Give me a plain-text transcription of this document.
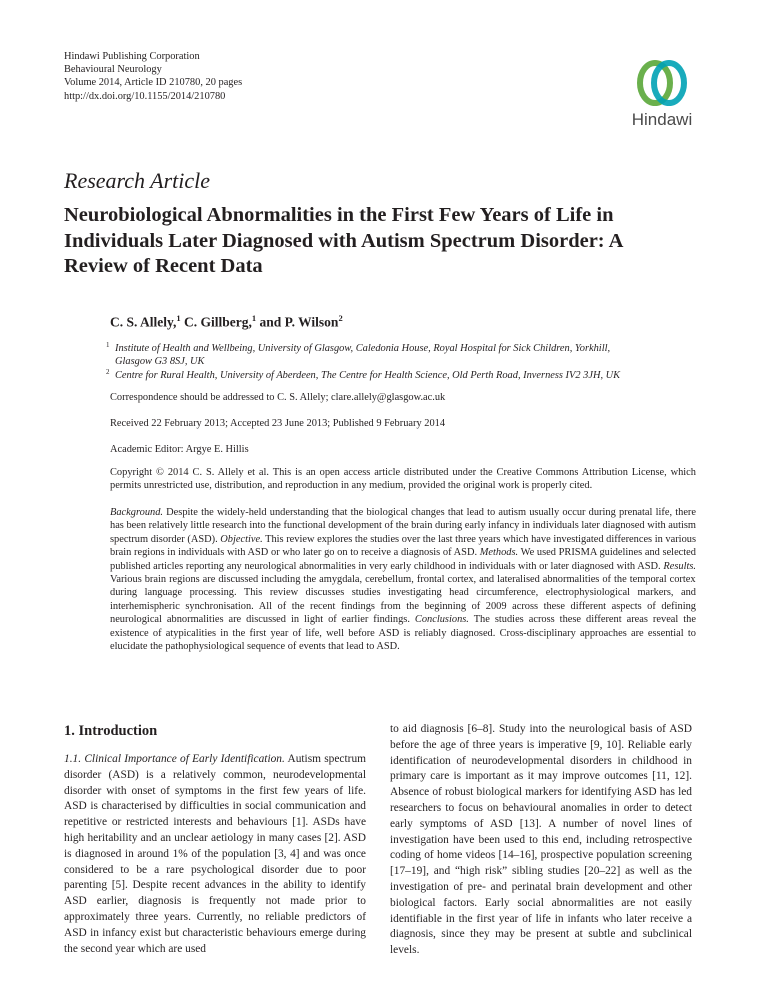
Hindawi Publishing Corporation
Behavioural Neurology
Volume 2014, Article ID 210780, 20 pages
http://dx.doi.org/10.1155/2014/210780
Hindawi
Research Article
Neurobiological Abnormalities in the First Few Years of Life in Individuals Later Diagnosed with Autism Spectrum Disorder: A Review of Recent Data
C. S. Allely,$^1$ C. Gillberg,$^1$ and P. Wilson$^2$
1 Institute of Health and Wellbeing, University of Glasgow, Caledonia House, Royal Hospital for Sick Children, Yorkhill,
Glasgow G3 8SJ, UK
2 Centre for Rural Health, University of Aberdeen, The Centre for Health Science, Old Perth Road, Inverness IV2 3JH, UK
Correspondence should be addressed to C. S. Allely; clare.allely@glasgow.ac.uk
Received 22 February 2013; Accepted 23 June 2013; Published 9 February 2014
Academic Editor: Argye E. Hillis
Copyright © 2014 C. S. Allely et al. This is an open access article distributed under the Creative Commons Attribution License, which permits unrestricted use, distribution, and reproduction in any medium, provided the original work is properly cited.
Background. Despite the widely-held understanding that the biological changes that lead to autism usually occur during prenatal life, there has been relatively little research into the functional development of the brain during early infancy in individuals later diagnosed with autism spectrum disorder (ASD). Objective. This review explores the studies over the last three years which have investigated differences in various brain regions in individuals with ASD or who later go on to receive a diagnosis of ASD. Methods. We used PRISMA guidelines and selected published articles reporting any neurological abnormalities in very early childhood in individuals with or later diagnosed with ASD. Results. Various brain regions are discussed including the amygdala, cerebellum, frontal cortex, and lateralised abnormalities of the temporal cortex during language processing. This review discusses studies investigating head circumference, electrophysiological markers, and interhemispheric synchronisation. All of the recent findings from the beginning of 2009 across these different aspects of defining neurological abnormalities are discussed in light of earlier findings. Conclusions. The studies across these different areas reveal the existence of atypicalities in the first year of life, well before ASD is reliably diagnosed. Cross-disciplinary approaches are essential to elucidate the pathophysiological sequence of events that lead to ASD.
1. Introduction

1.1. Clinical Importance of Early Identification. Autism spectrum disorder (ASD) is a relatively common, neurodevelopmental disorder with onset of symptoms in the first few years of life. ASD is characterised by difficulties in social communication and repetitive or restricted interests and behaviours [1]. ASDs have high heritability and an unclear aetiology in many cases [2]. ASD is diagnosed in around 1% of the population [3, 4] and was once considered to be a rare psychological disorder due to poor parenting [5]. Despite recent advances in the ability to identify ASD earlier, diagnosis is frequently not made prior to approximately three years. Currently, no reliable predictors of ASD in infancy exist but characteristic behaviours emerge during the second year which are used

to aid diagnosis [6–8]. Study into the neurological basis of ASD before the age of three years is imperative [9, 10]. Reliable early identification of neurodevelopmental disorders in childhood in primary care is important as it may improve outcomes [11, 12]. Absence of robust biological markers for identifying ASD has led researchers to focus on behavioural anomalies in order to detect early symptoms of ASD [13]. A number of novel lines of investigation have been used to this end, including retrospective coding of home videos [14–16], prospective population screening [17–19], and “high risk” sibling studies [20–22] as well as the investigation of pre- and perinatal brain development and other biological factors. Early social abnormalities are not easily identifiable in the first year of life in infants who later receive a diagnosis, since they may be present at subtle and subclinical levels.
